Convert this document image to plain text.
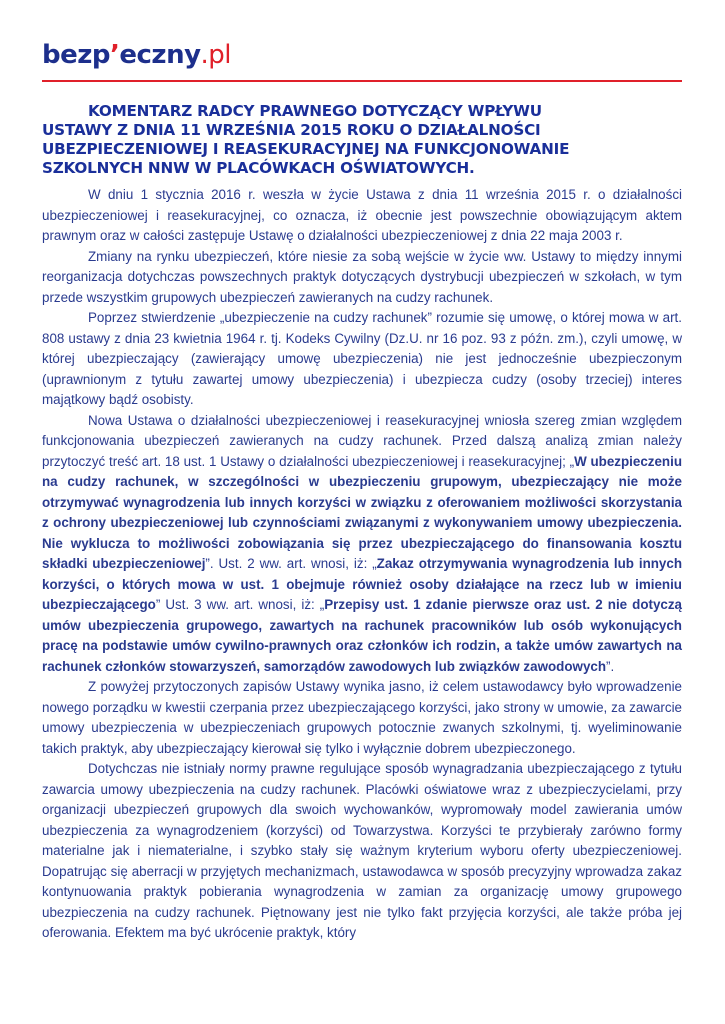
bezp’eczny.pl
KOMENTARZ RADCY PRAWNEGO DOTYCZĄCY WPŁYWU
USTAWY Z DNIA 11 WRZEŚNIA 2015 ROKU O DZIAŁALNOŚCI
UBEZPIECZENIOWEJ I REASEKURACYJNEJ NA FUNKCJONOWANIE
SZKOLNYCH NNW W PLACÓWKACH OŚWIATOWYCH.

W dniu 1 stycznia 2016 r. weszła w życie Ustawa z dnia 11 września 2015 r. o działalności ubezpieczeniowej i reasekuracyjnej, co oznacza, iż obecnie jest powszechnie obowiązującym aktem prawnym oraz w całości zastępuje Ustawę o działalności ubezpieczeniowej z dnia 22 maja 2003 r.

Zmiany na rynku ubezpieczeń, które niesie za sobą wejście w życie ww. Ustawy to między innymi reorganizacja dotychczas powszechnych praktyk dotyczących dystrybucji ubezpieczeń w szkołach, w tym przede wszystkim grupowych ubezpieczeń zawieranych na cudzy rachunek.

Poprzez stwierdzenie „ubezpieczenie na cudzy rachunek” rozumie się umowę, o której mowa w art. 808 ustawy z dnia 23 kwietnia 1964 r. tj. Kodeks Cywilny (Dz.U. nr 16 poz. 93 z późn. zm.), czyli umowę, w której ubezpieczający (zawierający umowę ubezpieczenia) nie jest jednocześnie ubezpieczonym (uprawnionym z tytułu zawartej umowy ubezpieczenia) i ubezpiecza cudzy (osoby trzeciej) interes majątkowy bądź osobisty.

Nowa Ustawa o działalności ubezpieczeniowej i reasekuracyjnej wniosła szereg zmian względem funkcjonowania ubezpieczeń zawieranych na cudzy rachunek. Przed dalszą analizą zmian należy przytoczyć treść art. 18 ust. 1 Ustawy o działalności ubezpieczeniowej i reasekuracyjnej; „W ubezpieczeniu na cudzy rachunek, w szczególności w ubezpieczeniu grupowym, ubezpieczający nie może otrzymywać wynagrodzenia lub innych korzyści w związku z oferowaniem możliwości skorzystania z ochrony ubezpieczeniowej lub czynnościami związanymi z wykonywaniem umowy ubezpieczenia. Nie wyklucza to możliwości zobowiązania się przez ubezpieczającego do finansowania kosztu składki ubezpieczeniowej”. Ust. 2 ww. art. wnosi, iż: „Zakaz otrzymywania wynagrodzenia lub innych korzyści, o których mowa w ust. 1 obejmuje również osoby działające na rzecz lub w imieniu ubezpieczającego” Ust. 3 ww. art. wnosi, iż: „Przepisy ust. 1 zdanie pierwsze oraz ust. 2 nie dotyczą umów ubezpieczenia grupowego, zawartych na rachunek pracowników lub osób wykonujących pracę na podstawie umów cywilno-prawnych oraz członków ich rodzin, a także umów zawartych na rachunek członków stowarzyszeń, samorządów zawodowych lub związków zawodowych”.

Z powyżej przytoczonych zapisów Ustawy wynika jasno, iż celem ustawodawcy było wprowadzenie nowego porządku w kwestii czerpania przez ubezpieczającego korzyści, jako strony w umowie, za zawarcie umowy ubezpieczenia w ubezpieczeniach grupowych potocznie zwanych szkolnymi, tj. wyeliminowanie takich praktyk, aby ubezpieczający kierował się tylko i wyłącznie dobrem ubezpieczonego.

Dotychczas nie istniały normy prawne regulujące sposób wynagradzania ubezpieczającego z tytułu zawarcia umowy ubezpieczenia na cudzy rachunek. Placówki oświatowe wraz z ubezpieczycielami, przy organizacji ubezpieczeń grupowych dla swoich wychowanków, wypromowały model zawierania umów ubezpieczenia za wynagrodzeniem (korzyści) od Towarzystwa. Korzyści te przybierały zarówno formy materialne jak i niematerialne, i szybko stały się ważnym kryterium wyboru oferty ubezpieczeniowej. Dopatrując się aberracji w przyjętych mechanizmach, ustawodawca w sposób precyzyjny wprowadza zakaz kontynuowania praktyk pobierania wynagrodzenia w zamian za organizację umowy grupowego ubezpieczenia na cudzy rachunek. Piętnowany jest nie tylko fakt przyjęcia korzyści, ale także próba jej oferowania. Efektem ma być ukrócenie praktyk, który
